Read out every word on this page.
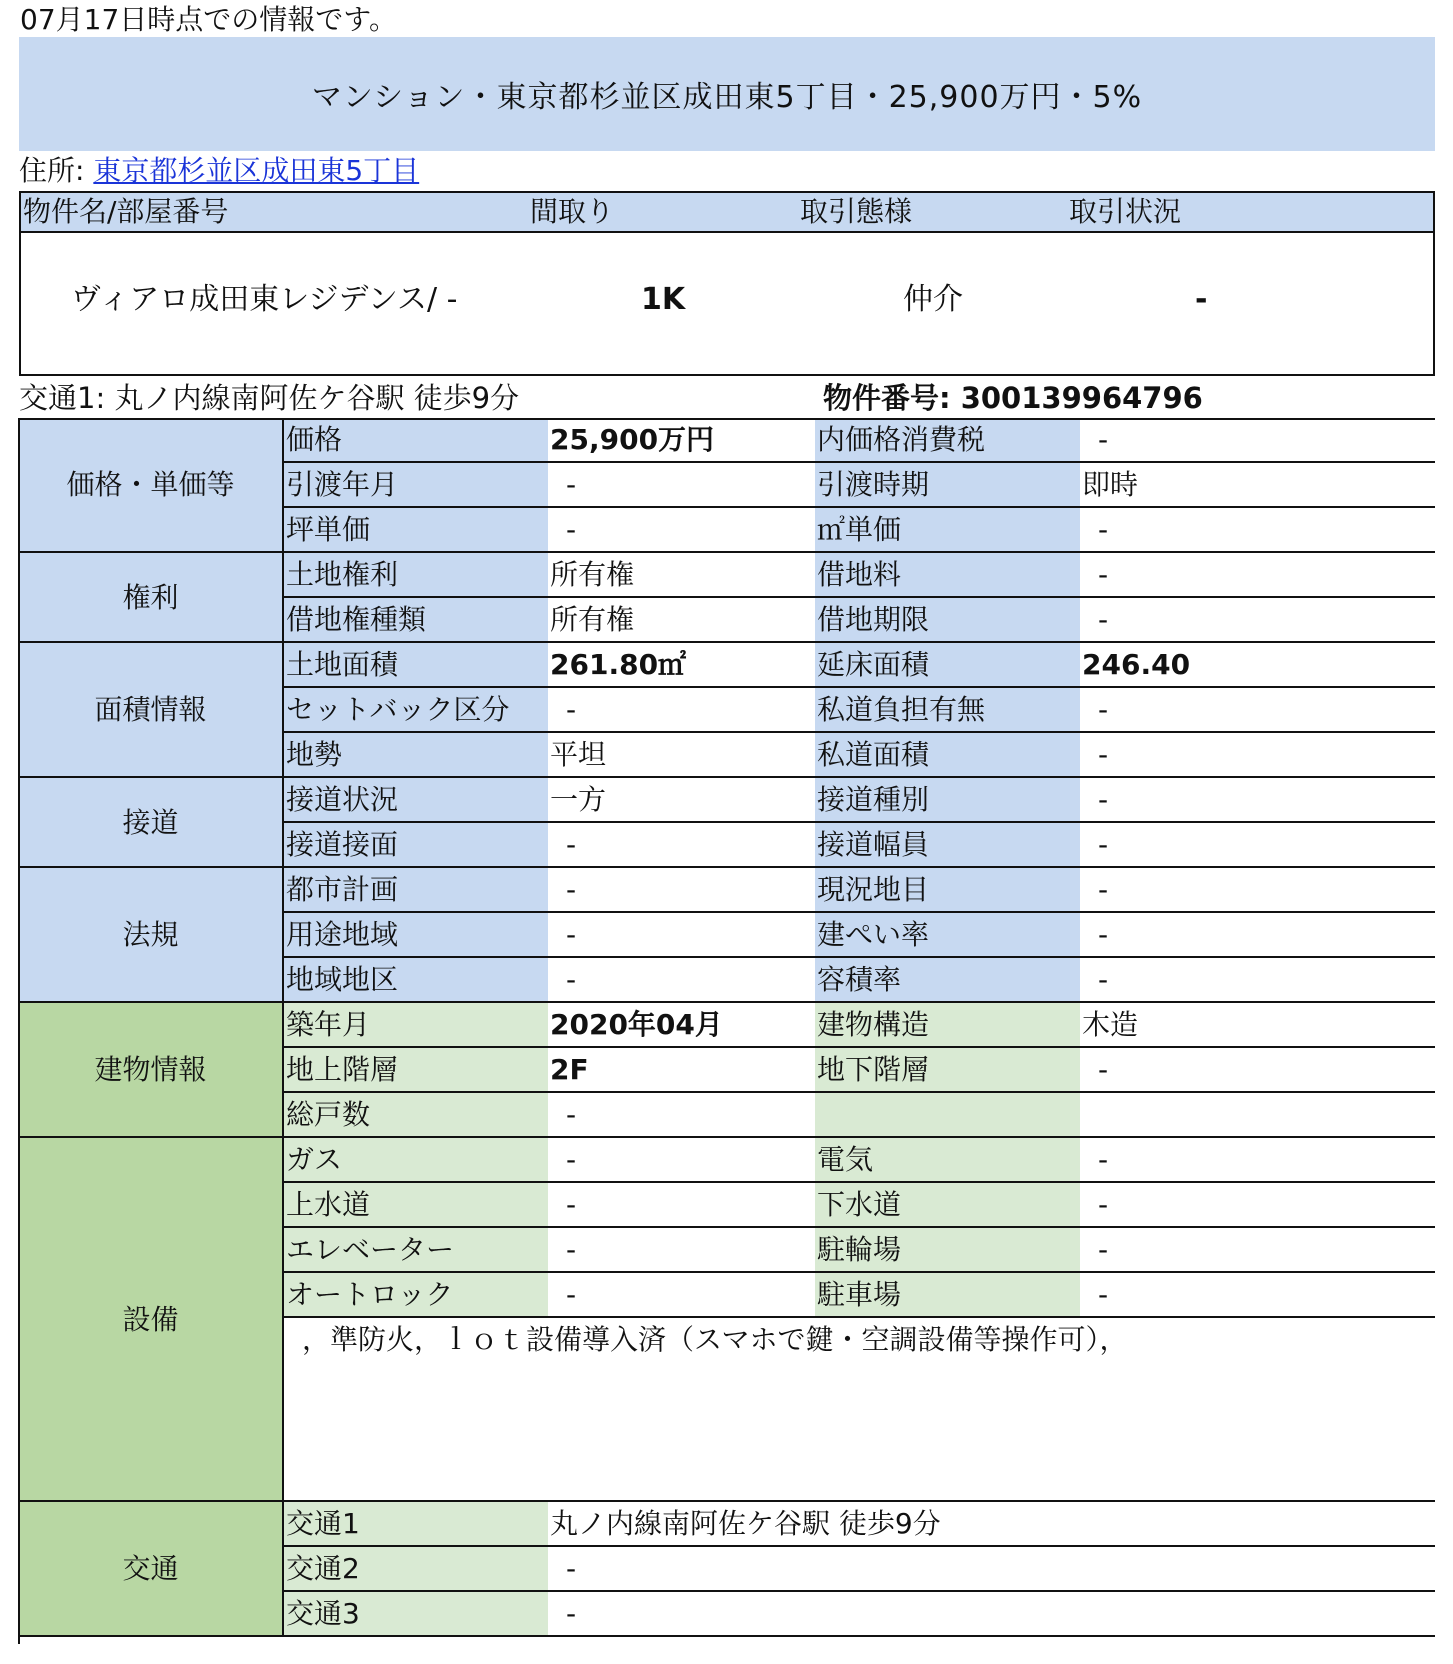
07月17日時点での情報です。
マンション・東京都杉並区成田東5丁目・25,900万円・5%
住所: 東京都杉並区成田東5丁目
物件名/部屋番号	間取り	取引態様	取引状況
ヴィアロ成田東レジデンス/ -	1K	仲介	-
交通1: 丸ノ内線南阿佐ケ谷駅 徒歩9分	物件番号: 300139964796
価格・単価等	価格	25,900万円	内価格消費税	-
	引渡年月	-	引渡時期	即時
	坪単価	-	㎡単価	-
権利	土地権利	所有権	借地料	-
	借地権種類	所有権	借地期限	-
面積情報	土地面積	261.80㎡	延床面積	246.40
	セットバック区分	-	私道負担有無	-
	地勢	平坦	私道面積	-
接道	接道状況	一方	接道種別	-
	接道接面	-	接道幅員	-
法規	都市計画	-	現況地目	-
	用途地域	-	建ぺい率	-
	地域地区	-	容積率	-
建物情報	築年月	2020年04月	建物構造	木造
	地上階層	2F	地下階層	-
	総戸数	-		
設備	ガス	-	電気	-
	上水道	-	下水道	-
	エレベーター	-	駐輪場	-
	オートロック	-	駐車場	-
	，準防火，ｌｏｔ設備導入済（スマホで鍵・空調設備等操作可），			
交通	交通1	丸ノ内線南阿佐ケ谷駅 徒歩9分		
	交通2	-		
	交通3	-		
